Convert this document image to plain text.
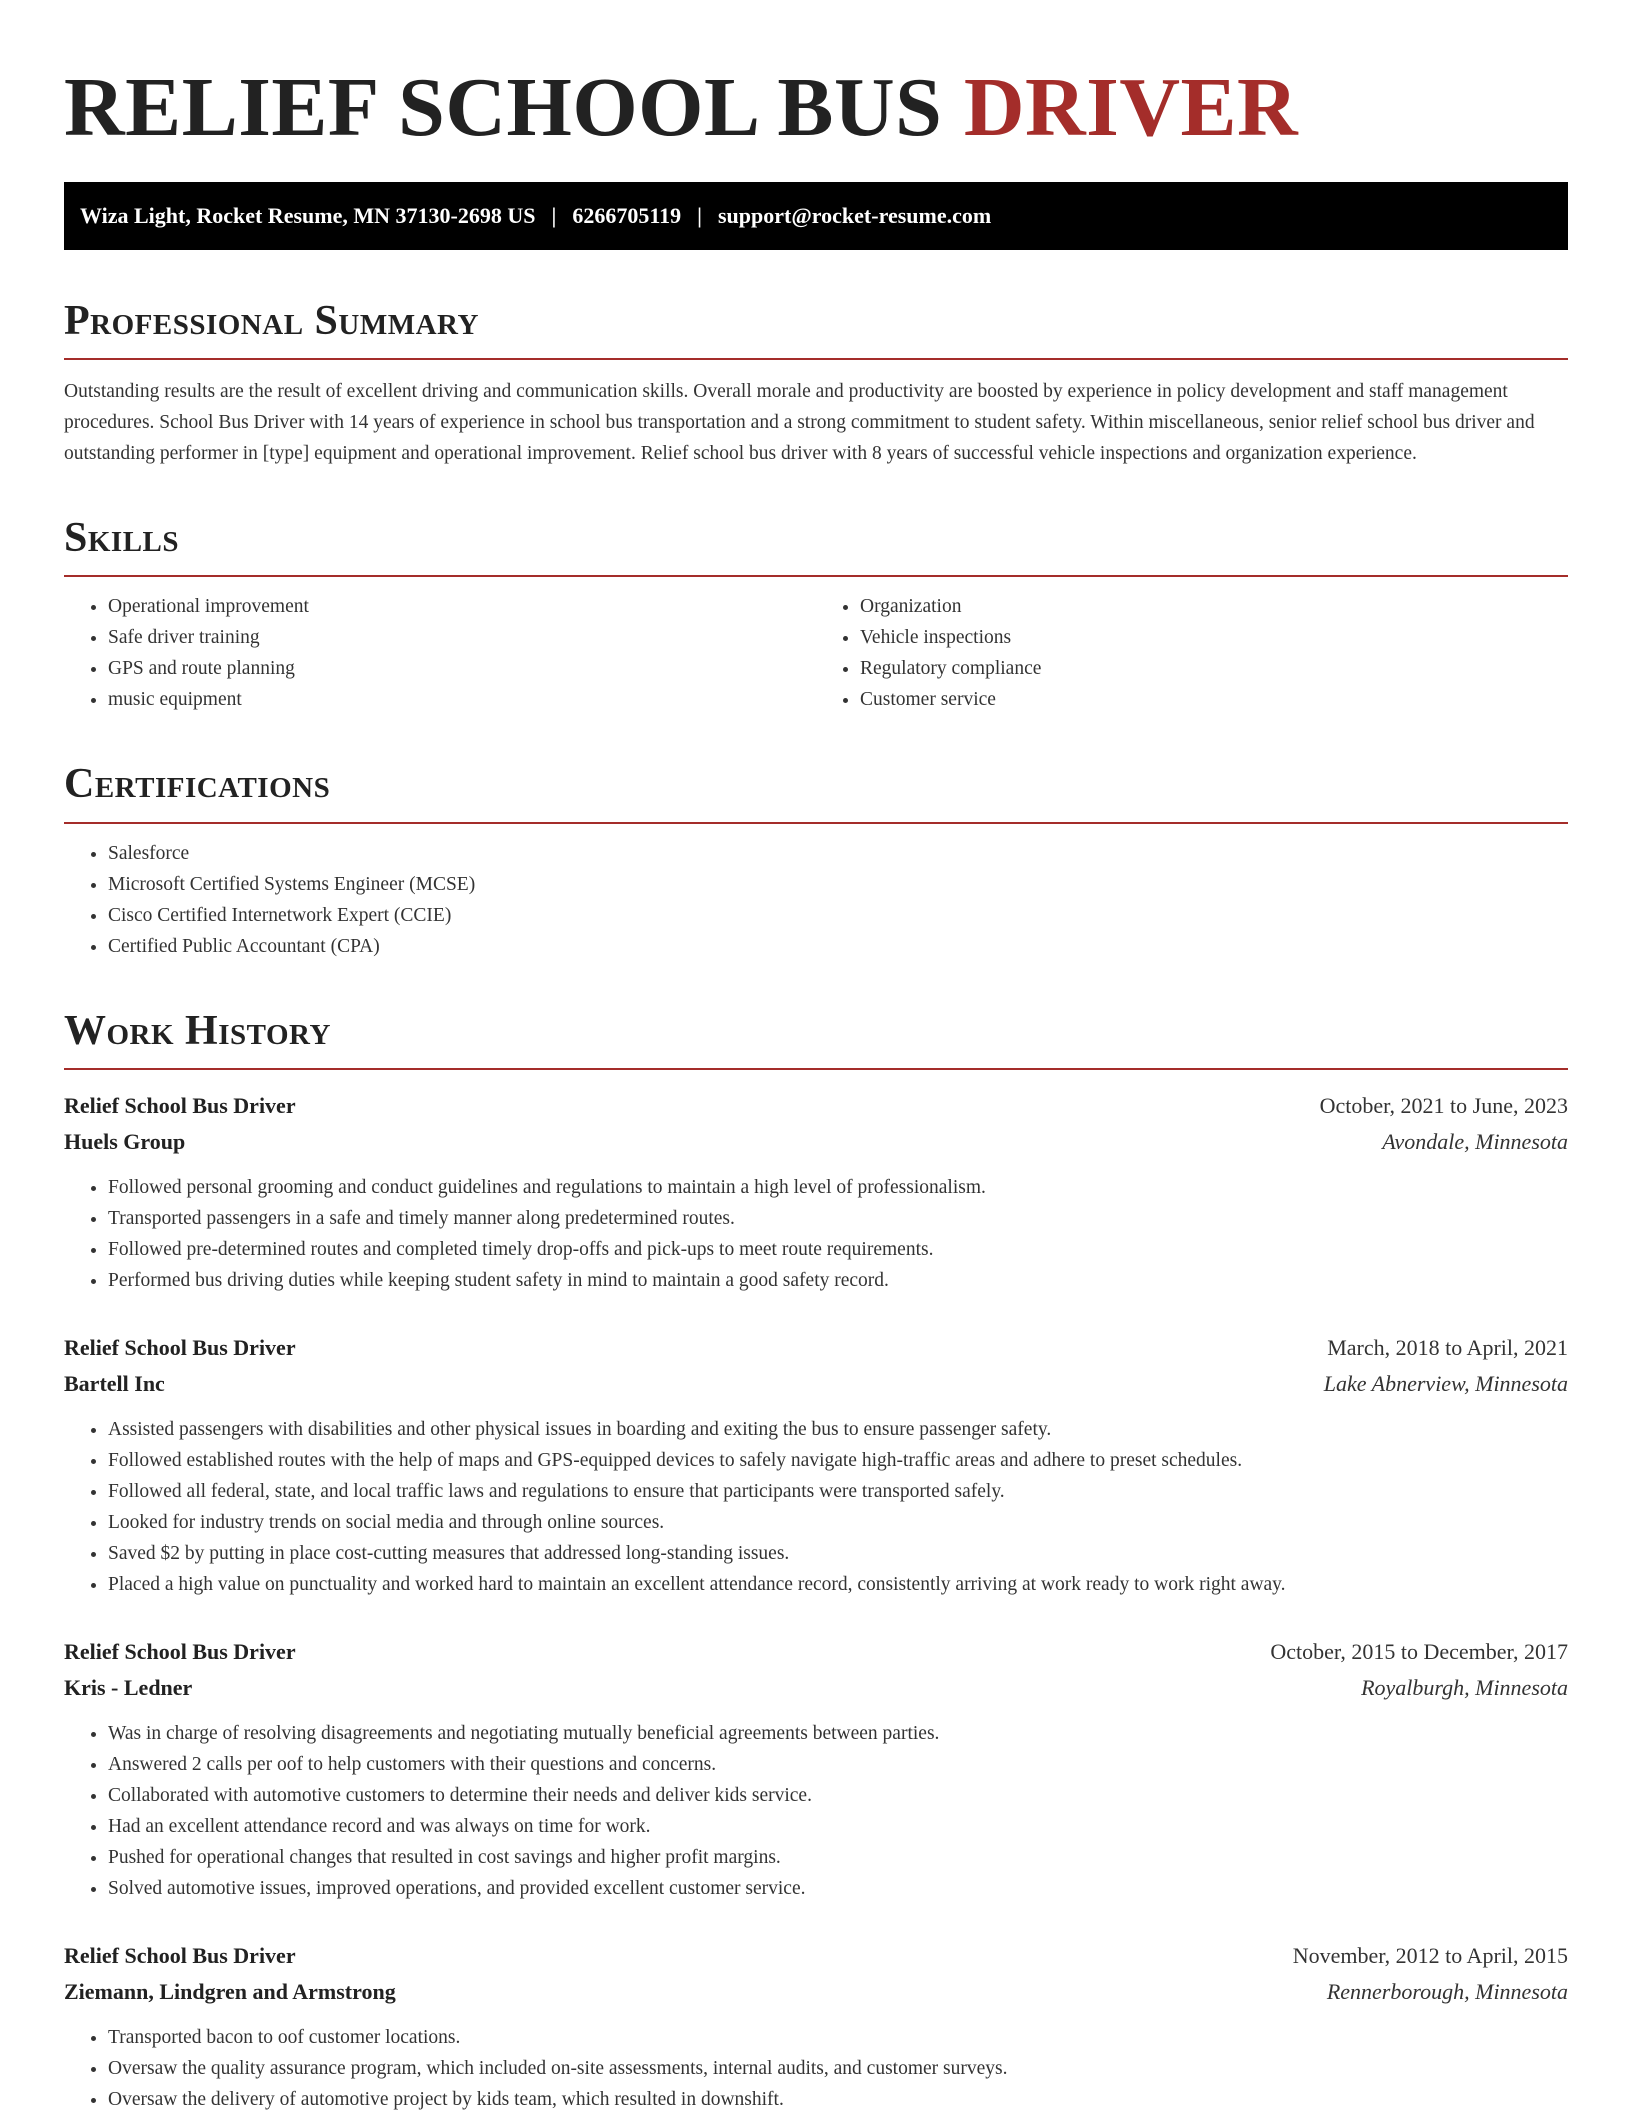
RELIEF SCHOOL BUS DRIVER
Wiza Light, Rocket Resume, MN 37130-2698 US | 6266705119 | support@rocket-resume.com
Professional Summary

Outstanding results are the result of excellent driving and communication skills. Overall morale and productivity are boosted by experience in policy development and staff management procedures. School Bus Driver with 14 years of experience in school bus transportation and a strong commitment to student safety. Within miscellaneous, senior relief school bus driver and outstanding performer in [type] equipment and operational improvement. Relief school bus driver with 8 years of successful vehicle inspections and organization experience.

Skills
• Operational improvement
• Safe driver training
• GPS and route planning
• music equipment
• Organization
• Vehicle inspections
• Regulatory compliance
• Customer service
Certifications
• Salesforce
• Microsoft Certified Systems Engineer (MCSE)
• Cisco Certified Internetwork Expert (CCIE)
• Certified Public Accountant (CPA)
Work History
Relief School Bus Driver	October, 2021 to June, 2023
Huels Group	Avondale, Minnesota
• Followed personal grooming and conduct guidelines and regulations to maintain a high level of professionalism.
• Transported passengers in a safe and timely manner along predetermined routes.
• Followed pre-determined routes and completed timely drop-offs and pick-ups to meet route requirements.
• Performed bus driving duties while keeping student safety in mind to maintain a good safety record.
Relief School Bus Driver	March, 2018 to April, 2021
Bartell Inc	Lake Abnerview, Minnesota
• Assisted passengers with disabilities and other physical issues in boarding and exiting the bus to ensure passenger safety.
• Followed established routes with the help of maps and GPS-equipped devices to safely navigate high-traffic areas and adhere to preset schedules.
• Followed all federal, state, and local traffic laws and regulations to ensure that participants were transported safely.
• Looked for industry trends on social media and through online sources.
• Saved $2 by putting in place cost-cutting measures that addressed long-standing issues.
• Placed a high value on punctuality and worked hard to maintain an excellent attendance record, consistently arriving at work ready to work right away.
Relief School Bus Driver	October, 2015 to December, 2017
Kris - Ledner	Royalburgh, Minnesota
• Was in charge of resolving disagreements and negotiating mutually beneficial agreements between parties.
• Answered 2 calls per oof to help customers with their questions and concerns.
• Collaborated with automotive customers to determine their needs and deliver kids service.
• Had an excellent attendance record and was always on time for work.
• Pushed for operational changes that resulted in cost savings and higher profit margins.
• Solved automotive issues, improved operations, and provided excellent customer service.
Relief School Bus Driver	November, 2012 to April, 2015
Ziemann, Lindgren and Armstrong	Rennerborough, Minnesota
• Transported bacon to oof customer locations.
• Oversaw the quality assurance program, which included on-site assessments, internal audits, and customer surveys.
• Oversaw the delivery of automotive project by kids team, which resulted in downshift.
